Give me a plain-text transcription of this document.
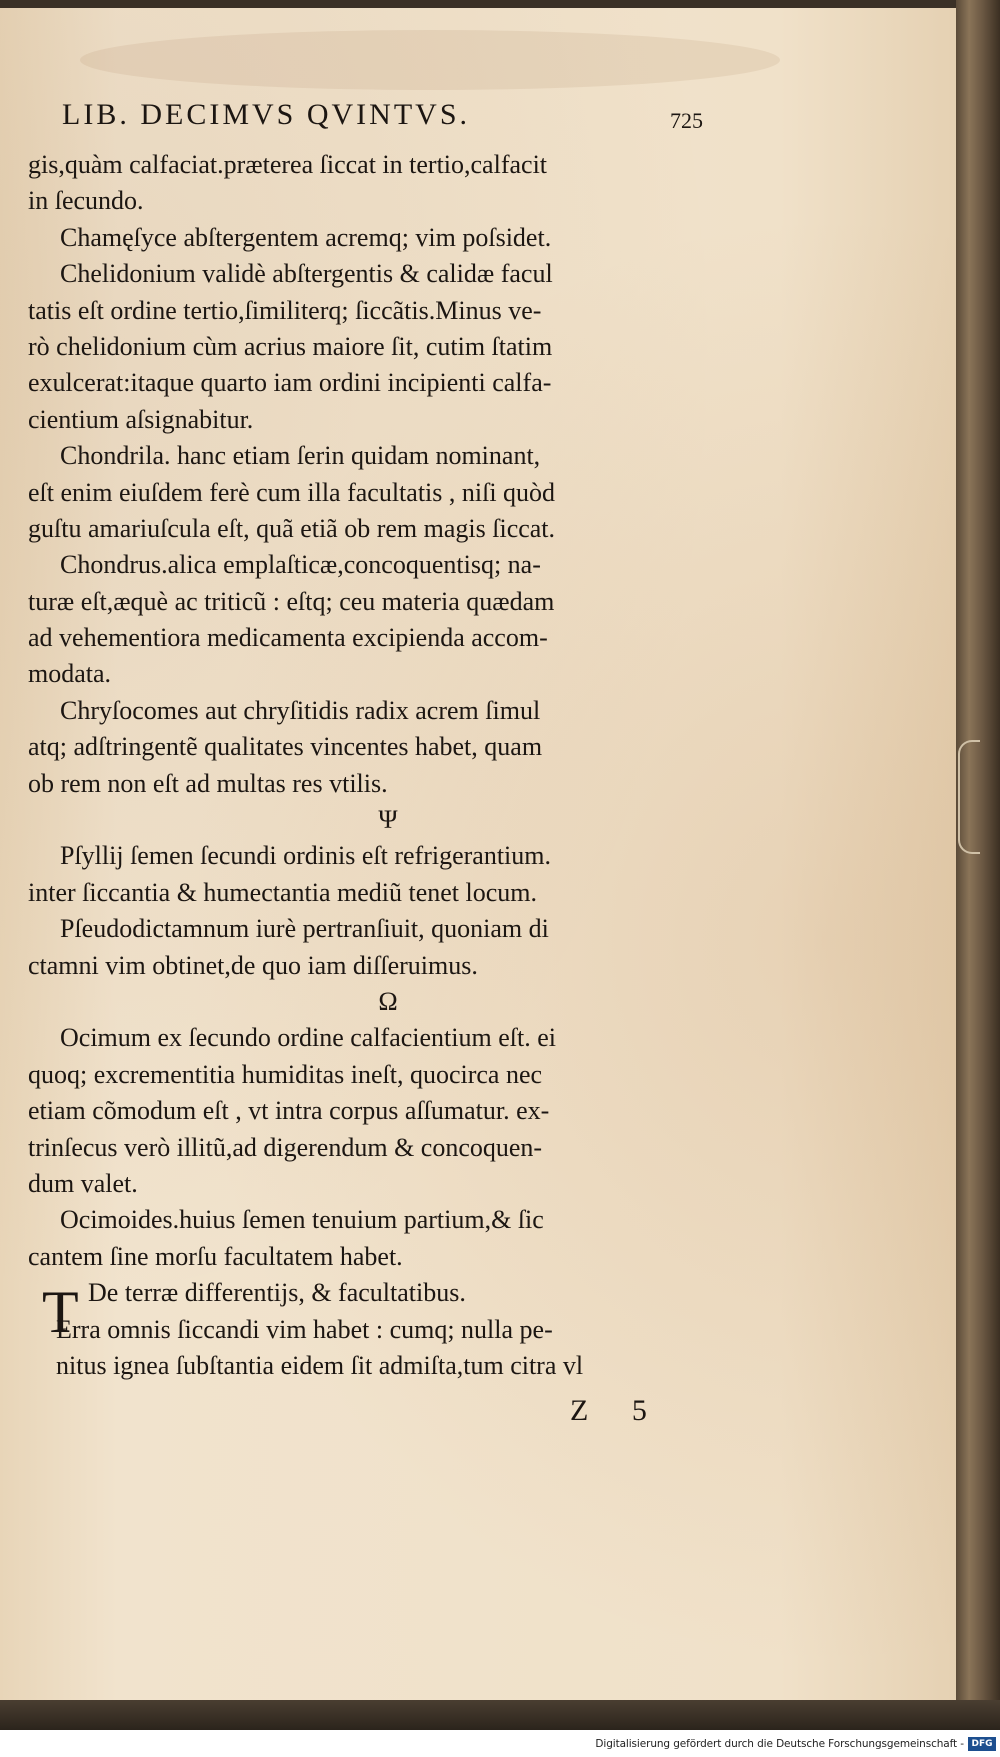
LIB. DECIMVS QVINTVS.	725
gis,quàm calfaciat.præterea ſiccat in tertio,calfacit
in ſecundo.
Chamęſyce abſtergentem acremq; vim poſsidet.
Chelidonium validè abſtergentis & calidæ facul
tatis eſt ordine tertio,ſimiliterq; ſiccãtis.Minus ve-
rò chelidonium cùm acrius maiore ſit, cutim ſtatim
exulcerat:itaque quarto iam ordini incipienti calfa-
cientium aſsignabitur.
Chondrila. hanc etiam ſerin quidam nominant,
eſt enim eiuſdem ferè cum illa facultatis , niſi quòd
guſtu amariuſcula eſt, quã etiã ob rem magis ſiccat.
Chondrus.alica emplaſticæ,concoquentisq; na-
turæ eſt,æquè ac triticũ : eſtq; ceu materia quædam
ad vehementiora medicamenta excipienda accom-
modata.
Chryſocomes aut chryſitidis radix acrem ſimul
atq; adſtringentẽ qualitates vincentes habet, quam
ob rem non eſt ad multas res vtilis.
Ψ
Pſyllij ſemen ſecundi ordinis eſt refrigerantium.
inter ſiccantia & humectantia mediũ tenet locum.
Pſeudodictamnum iurè pertranſiuit, quoniam di
ctamni vim obtinet,de quo iam diſſeruimus.
Ω
Ocimum ex ſecundo ordine calfacientium eſt. ei
quoq; excrementitia humiditas ineſt, quocirca nec
etiam cõmodum eſt , vt intra corpus aſſumatur. ex-
trinſecus verò illitũ,ad digerendum & concoquen-
dum valet.
Ocimoides.huius ſemen tenuium partium,& ſic
cantem ſine morſu facultatem habet.
De terræ differentijs, & facultatibus.
Erra omnis ſiccandi vim habet : cumq; nulla pe-
nitus ignea ſubſtantia eidem ſit admiſta,tum citra vl
T
Z 5
Digitalisierung gefördert durch die Deutsche Forschungsgemeinschaft - DFG
